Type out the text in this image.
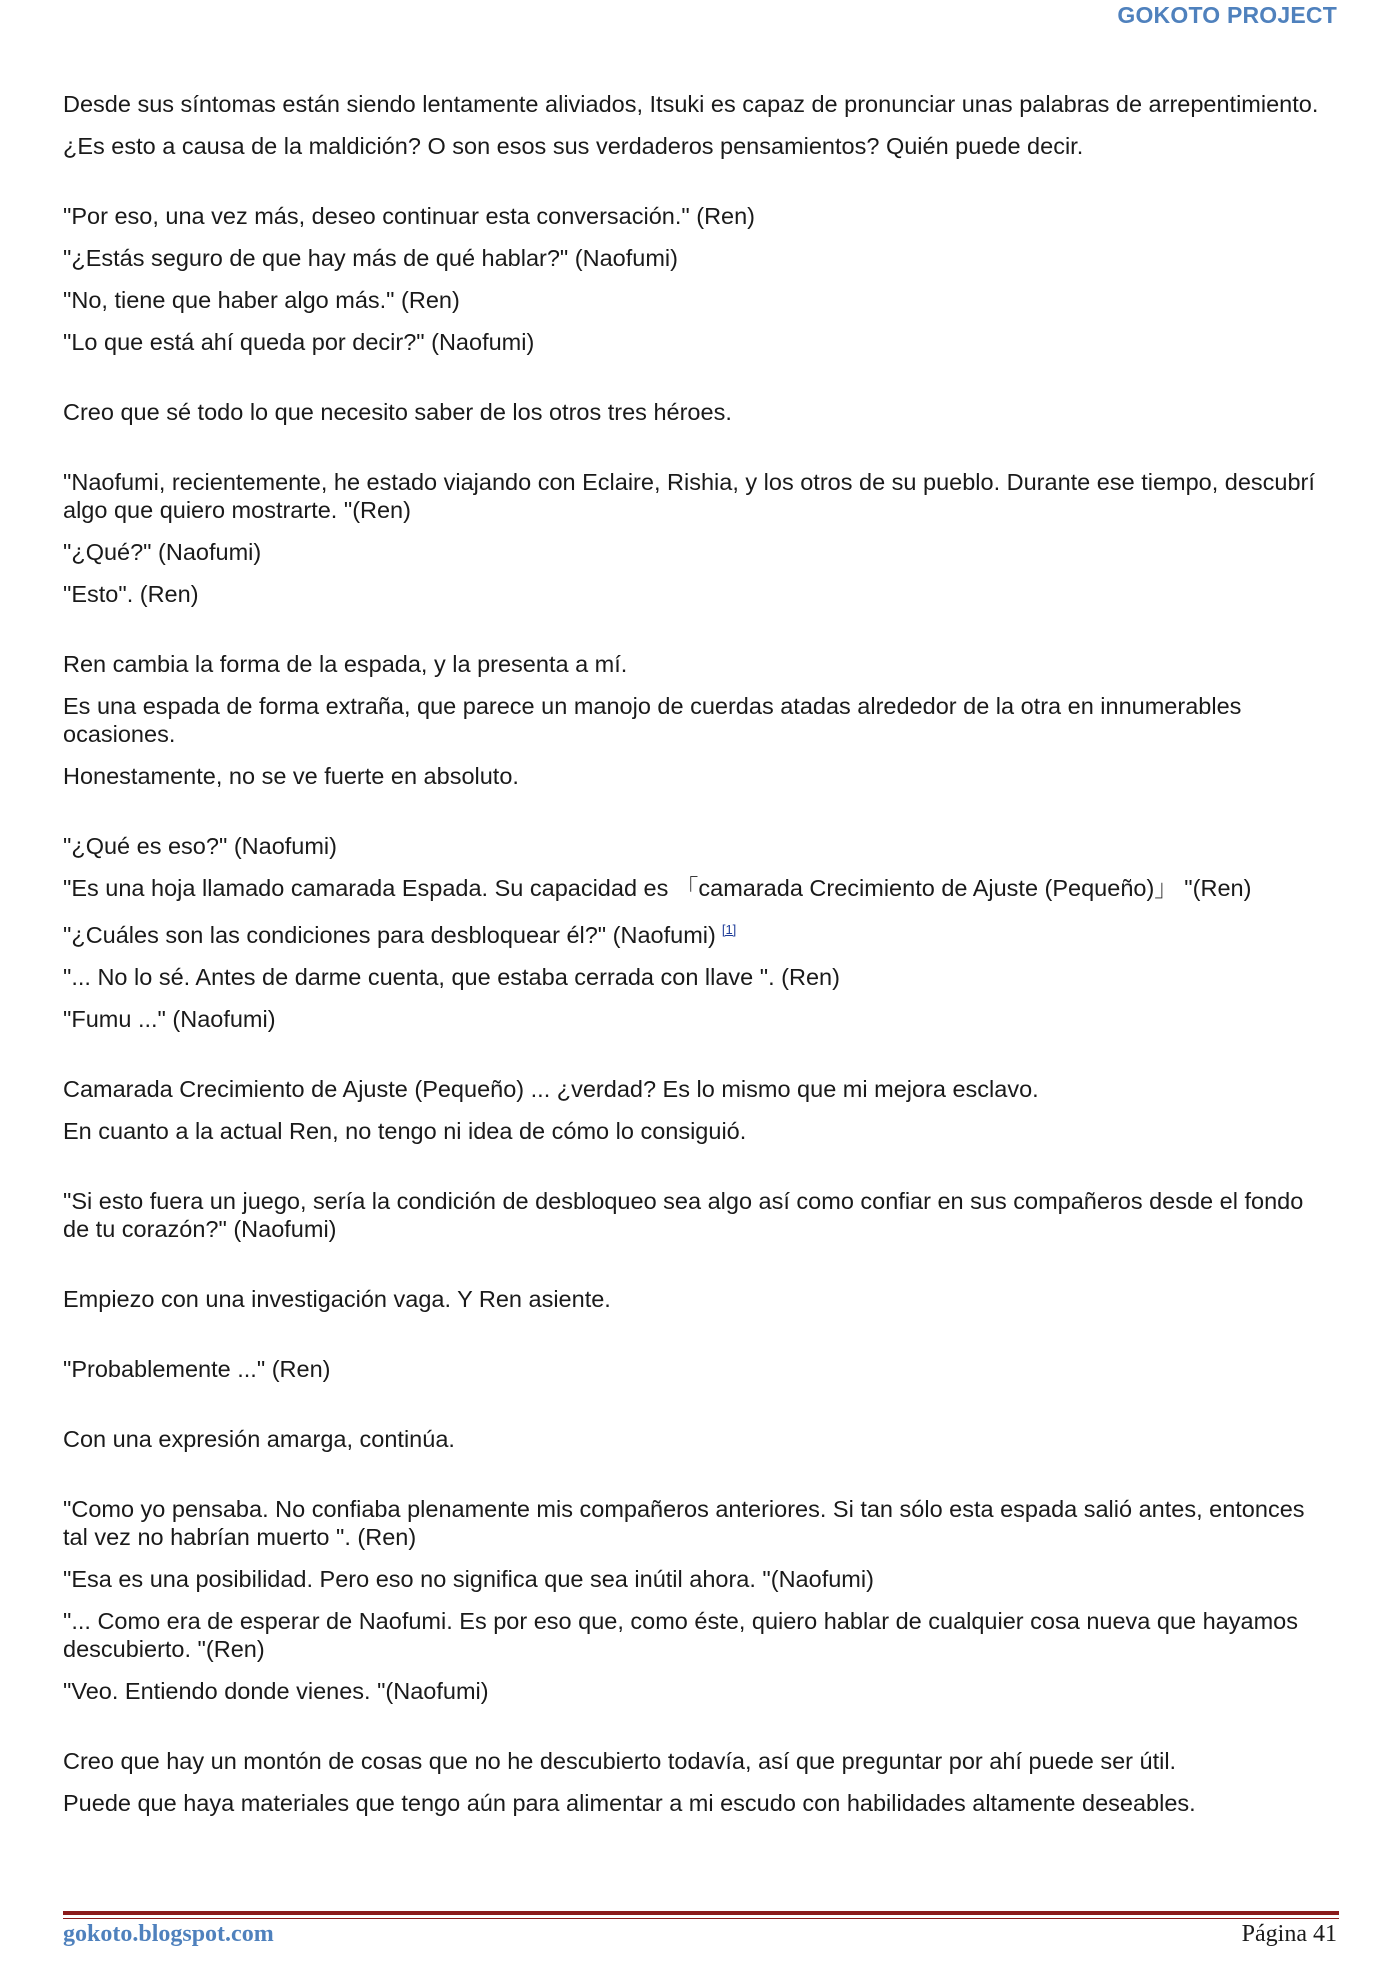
GOKOTO PROJECT

Desde sus síntomas están siendo lentamente aliviados, Itsuki es capaz de pronunciar unas palabras de arrepentimiento.

¿Es esto a causa de la maldición? O son esos sus verdaderos pensamientos? Quién puede decir.

"Por eso, una vez más, deseo continuar esta conversación." (Ren)

"¿Estás seguro de que hay más de qué hablar?" (Naofumi)

"No, tiene que haber algo más." (Ren)

"Lo que está ahí queda por decir?" (Naofumi)

Creo que sé todo lo que necesito saber de los otros tres héroes.

"Naofumi, recientemente, he estado viajando con Eclaire, Rishia, y los otros de su pueblo. Durante ese tiempo, descubrí algo que quiero mostrarte. "(Ren)

"¿Qué?" (Naofumi)

"Esto". (Ren)

Ren cambia la forma de la espada, y la presenta a mí.

Es una espada de forma extraña, que parece un manojo de cuerdas atadas alrededor de la otra en innumerables ocasiones.

Honestamente, no se ve fuerte en absoluto.

"¿Qué es eso?" (Naofumi)

"Es una hoja llamado camarada Espada. Su capacidad es 「camarada Crecimiento de Ajuste (Pequeño)」 "(Ren)

"¿Cuáles son las condiciones para desbloquear él?" (Naofumi) [1]

"... No lo sé. Antes de darme cuenta, que estaba cerrada con llave ". (Ren)

"Fumu ..." (Naofumi)

Camarada Crecimiento de Ajuste (Pequeño) ... ¿verdad? Es lo mismo que mi mejora esclavo.

En cuanto a la actual Ren, no tengo ni idea de cómo lo consiguió.

"Si esto fuera un juego, sería la condición de desbloqueo sea algo así como confiar en sus compañeros desde el fondo de tu corazón?" (Naofumi)

Empiezo con una investigación vaga. Y Ren asiente.

"Probablemente ..." (Ren)

Con una expresión amarga, continúa.

"Como yo pensaba. No confiaba plenamente mis compañeros anteriores. Si tan sólo esta espada salió antes, entonces tal vez no habrían muerto ". (Ren)

"Esa es una posibilidad. Pero eso no significa que sea inútil ahora. "(Naofumi)

"... Como era de esperar de Naofumi. Es por eso que, como éste, quiero hablar de cualquier cosa nueva que hayamos descubierto. "(Ren)

"Veo. Entiendo donde vienes. "(Naofumi)

Creo que hay un montón de cosas que no he descubierto todavía, así que preguntar por ahí puede ser útil.

Puede que haya materiales que tengo aún para alimentar a mi escudo con habilidades altamente deseables.

gokoto.blogspot.com	Página 41
